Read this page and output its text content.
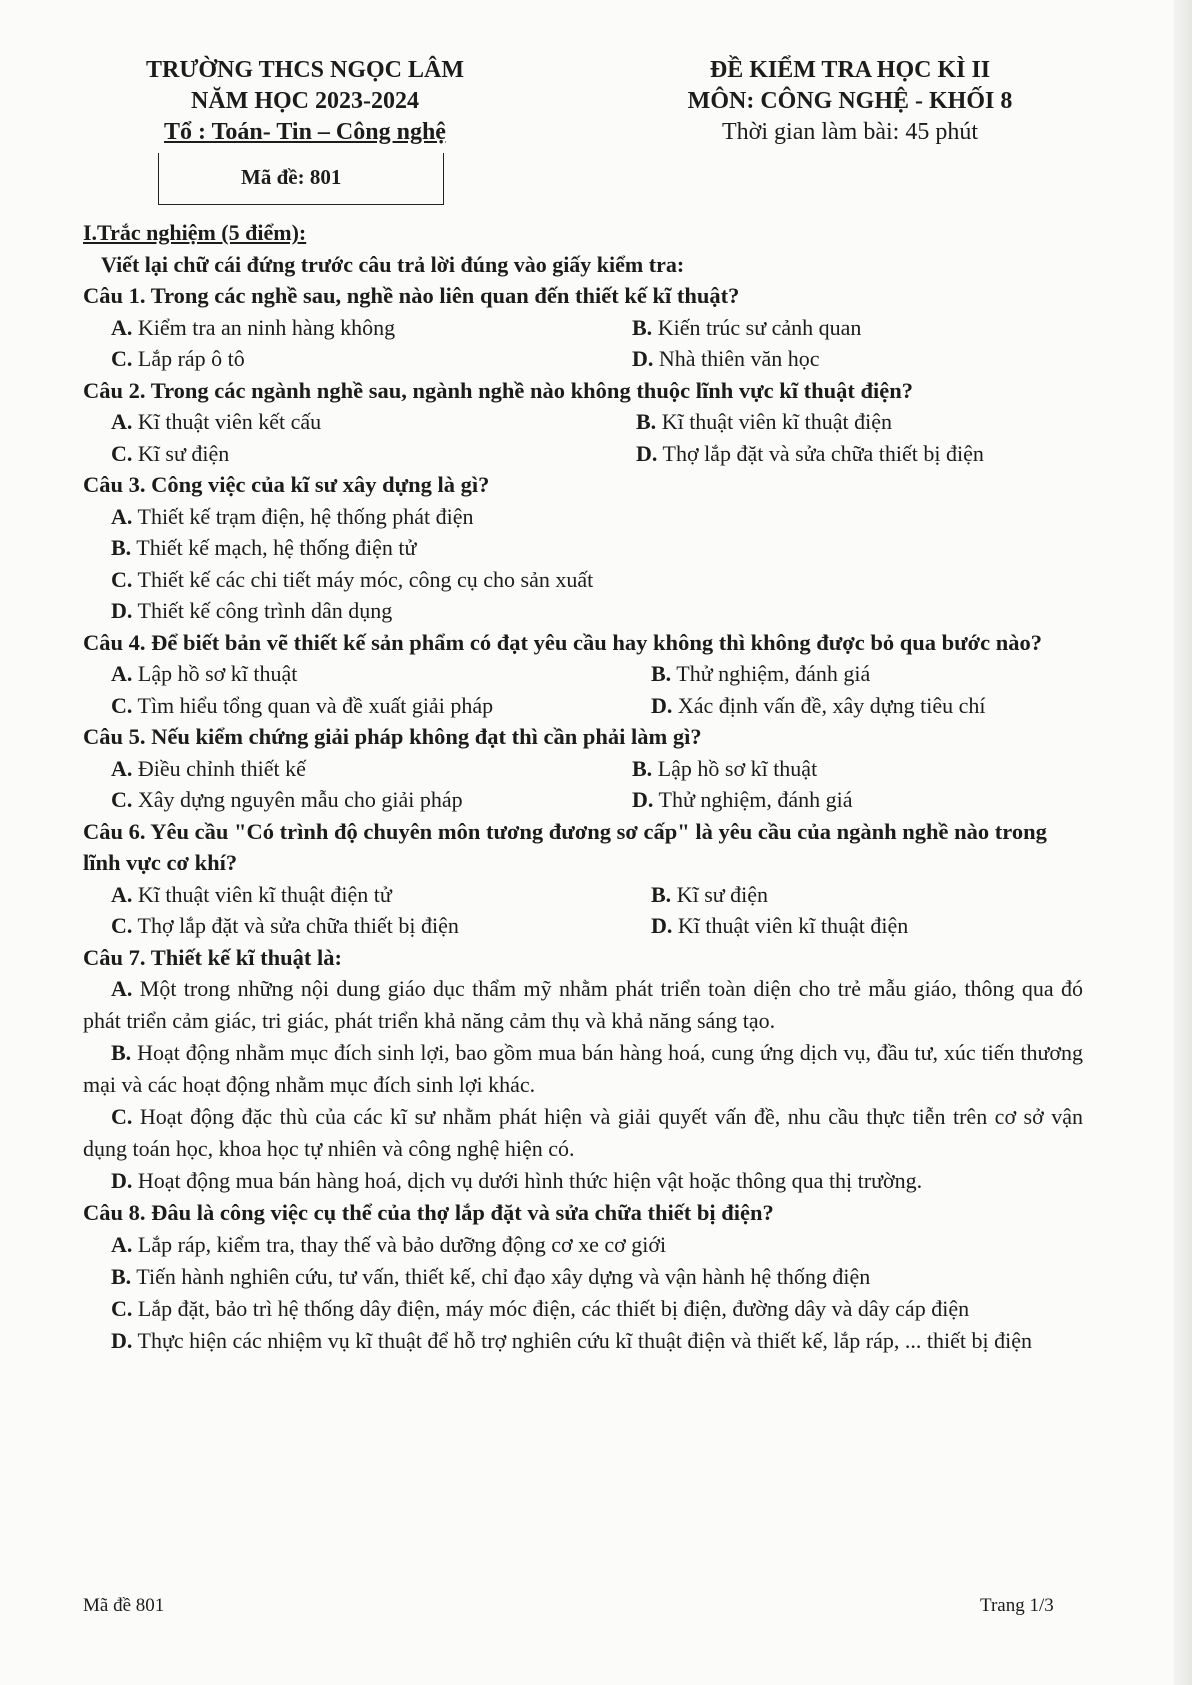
TRƯỜNG THCS NGỌC LÂM
NĂM HỌC 2023-2024
Tổ : Toán- Tin – Công nghệ
Mã đề: 801
ĐỀ KIỂM TRA HỌC KÌ II
MÔN: CÔNG NGHỆ - KHỐI 8
Thời gian làm bài: 45 phút
I.Trắc nghiệm (5 điểm):
Viết lại chữ cái đứng trước câu trả lời đúng vào giấy kiểm tra:
Câu 1. Trong các nghề sau, nghề nào liên quan đến thiết kế kĩ thuật?
A. Kiểm tra an ninh hàng không	B. Kiến trúc sư cảnh quan
C. Lắp ráp ô tô	D. Nhà thiên văn học
Câu 2. Trong các ngành nghề sau, ngành nghề nào không thuộc lĩnh vực kĩ thuật điện?
A. Kĩ thuật viên kết cấu	B. Kĩ thuật viên kĩ thuật điện
C. Kĩ sư điện	D. Thợ lắp đặt và sửa chữa thiết bị điện
Câu 3. Công việc của kĩ sư xây dựng là gì?
A. Thiết kế trạm điện, hệ thống phát điện
B. Thiết kế mạch, hệ thống điện tử
C. Thiết kế các chi tiết máy móc, công cụ cho sản xuất
D. Thiết kế công trình dân dụng
Câu 4. Để biết bản vẽ thiết kế sản phẩm có đạt yêu cầu hay không thì không được bỏ qua bước nào?
A. Lập hồ sơ kĩ thuật	B. Thử nghiệm, đánh giá
C. Tìm hiểu tổng quan và đề xuất giải pháp	D. Xác định vấn đề, xây dựng tiêu chí
Câu 5. Nếu kiểm chứng giải pháp không đạt thì cần phải làm gì?
A. Điều chỉnh thiết kế	B. Lập hồ sơ kĩ thuật
C. Xây dựng nguyên mẫu cho giải pháp	D. Thử nghiệm, đánh giá
Câu 6. Yêu cầu "Có trình độ chuyên môn tương đương sơ cấp" là yêu cầu của ngành nghề nào trong lĩnh vực cơ khí?
A. Kĩ thuật viên kĩ thuật điện tử	B. Kĩ sư điện
C. Thợ lắp đặt và sửa chữa thiết bị điện	D. Kĩ thuật viên kĩ thuật điện
Câu 7. Thiết kế kĩ thuật là:
A. Một trong những nội dung giáo dục thẩm mỹ nhằm phát triển toàn diện cho trẻ mẫu giáo, thông qua đó phát triển cảm giác, tri giác, phát triển khả năng cảm thụ và khả năng sáng tạo.
B. Hoạt động nhằm mục đích sinh lợi, bao gồm mua bán hàng hoá, cung ứng dịch vụ, đầu tư, xúc tiến thương mại và các hoạt động nhằm mục đích sinh lợi khác.
C. Hoạt động đặc thù của các kĩ sư nhằm phát hiện và giải quyết vấn đề, nhu cầu thực tiễn trên cơ sở vận dụng toán học, khoa học tự nhiên và công nghệ hiện có.
D. Hoạt động mua bán hàng hoá, dịch vụ dưới hình thức hiện vật hoặc thông qua thị trường.
Câu 8. Đâu là công việc cụ thể của thợ lắp đặt và sửa chữa thiết bị điện?
A. Lắp ráp, kiểm tra, thay thế và bảo dưỡng động cơ xe cơ giới
B. Tiến hành nghiên cứu, tư vấn, thiết kế, chỉ đạo xây dựng và vận hành hệ thống điện
C. Lắp đặt, bảo trì hệ thống dây điện, máy móc điện, các thiết bị điện, đường dây và dây cáp điện
D. Thực hiện các nhiệm vụ kĩ thuật để hỗ trợ nghiên cứu kĩ thuật điện và thiết kế, lắp ráp, ... thiết bị điện
Mã đề 801	Trang 1/3
